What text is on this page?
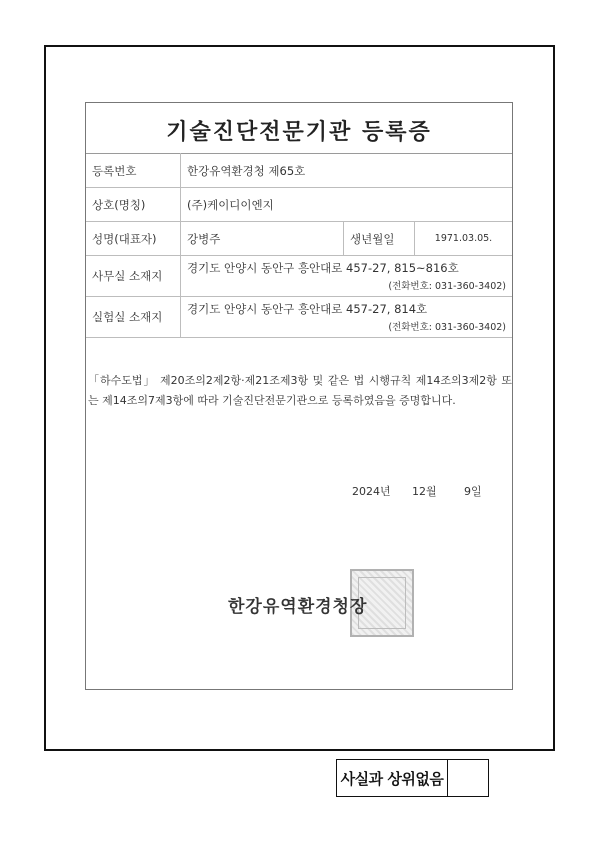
기술진단전문기관 등록증
등록번호	한강유역환경청 제65호		
상호(명칭)	(주)케이디이엔지		
성명(대표자)	강병주	생년월일	1971.03.05.
사무실 소재지	경기도 안양시 동안구 흥안대로 457-27, 815~816호
(전화번호: 031-360-3402)		

실험실 소재지	경기도 안양시 동안구 흥안대로 457-27, 814호
(전화번호: 031-360-3402)		
「하수도법」 제20조의2제2항·제21조제3항 및 같은 법 시행규칙 제14조의3제2항 또는 제14조의7제3항에 따라 기술진단전문기관으로 등록하였음을 증명합니다.
2024년 12월 9일
한강유역환경청장
사실과 상위없음
